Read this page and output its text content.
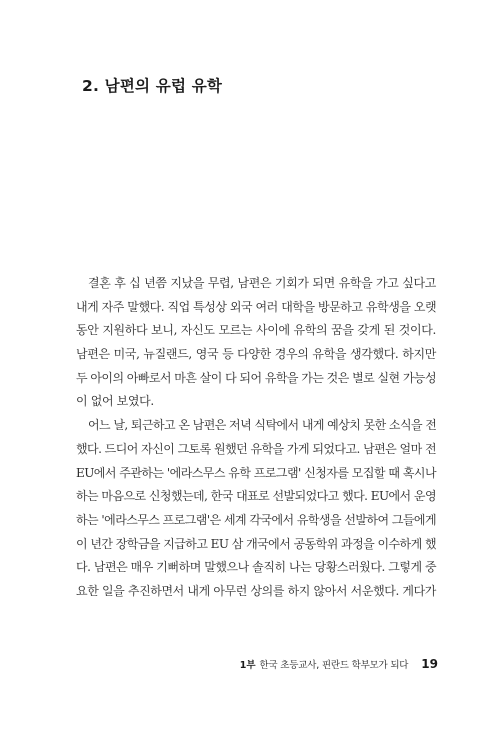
2. 남편의 유럽 유학
결혼 후 십 년쯤 지났을 무렵, 남편은 기회가 되면 유학을 가고 싶다고
내게 자주 말했다. 직업 특성상 외국 여러 대학을 방문하고 유학생을 오랫
동안 지원하다 보니, 자신도 모르는 사이에 유학의 꿈을 갖게 된 것이다.
남편은 미국, 뉴질랜드, 영국 등 다양한 경우의 유학을 생각했다. 하지만
두 아이의 아빠로서 마흔 살이 다 되어 유학을 가는 것은 별로 실현 가능성
이 없어 보였다.
어느 날, 퇴근하고 온 남편은 저녁 식탁에서 내게 예상치 못한 소식을 전
했다. 드디어 자신이 그토록 원했던 유학을 가게 되었다고. 남편은 얼마 전
EU에서 주관하는 '에라스무스 유학 프로그램' 신청자를 모집할 때 혹시나
하는 마음으로 신청했는데, 한국 대표로 선발되었다고 했다. EU에서 운영
하는 '에라스무스 프로그램'은 세계 각국에서 유학생을 선발하여 그들에게
이 년간 장학금을 지급하고 EU 삼 개국에서 공동학위 과정을 이수하게 했
다. 남편은 매우 기뻐하며 말했으나 솔직히 나는 당황스러웠다. 그렇게 중
요한 일을 추진하면서 내게 아무런 상의를 하지 않아서 서운했다. 게다가
1부 한국 초등교사, 핀란드 학부모가 되다 19
